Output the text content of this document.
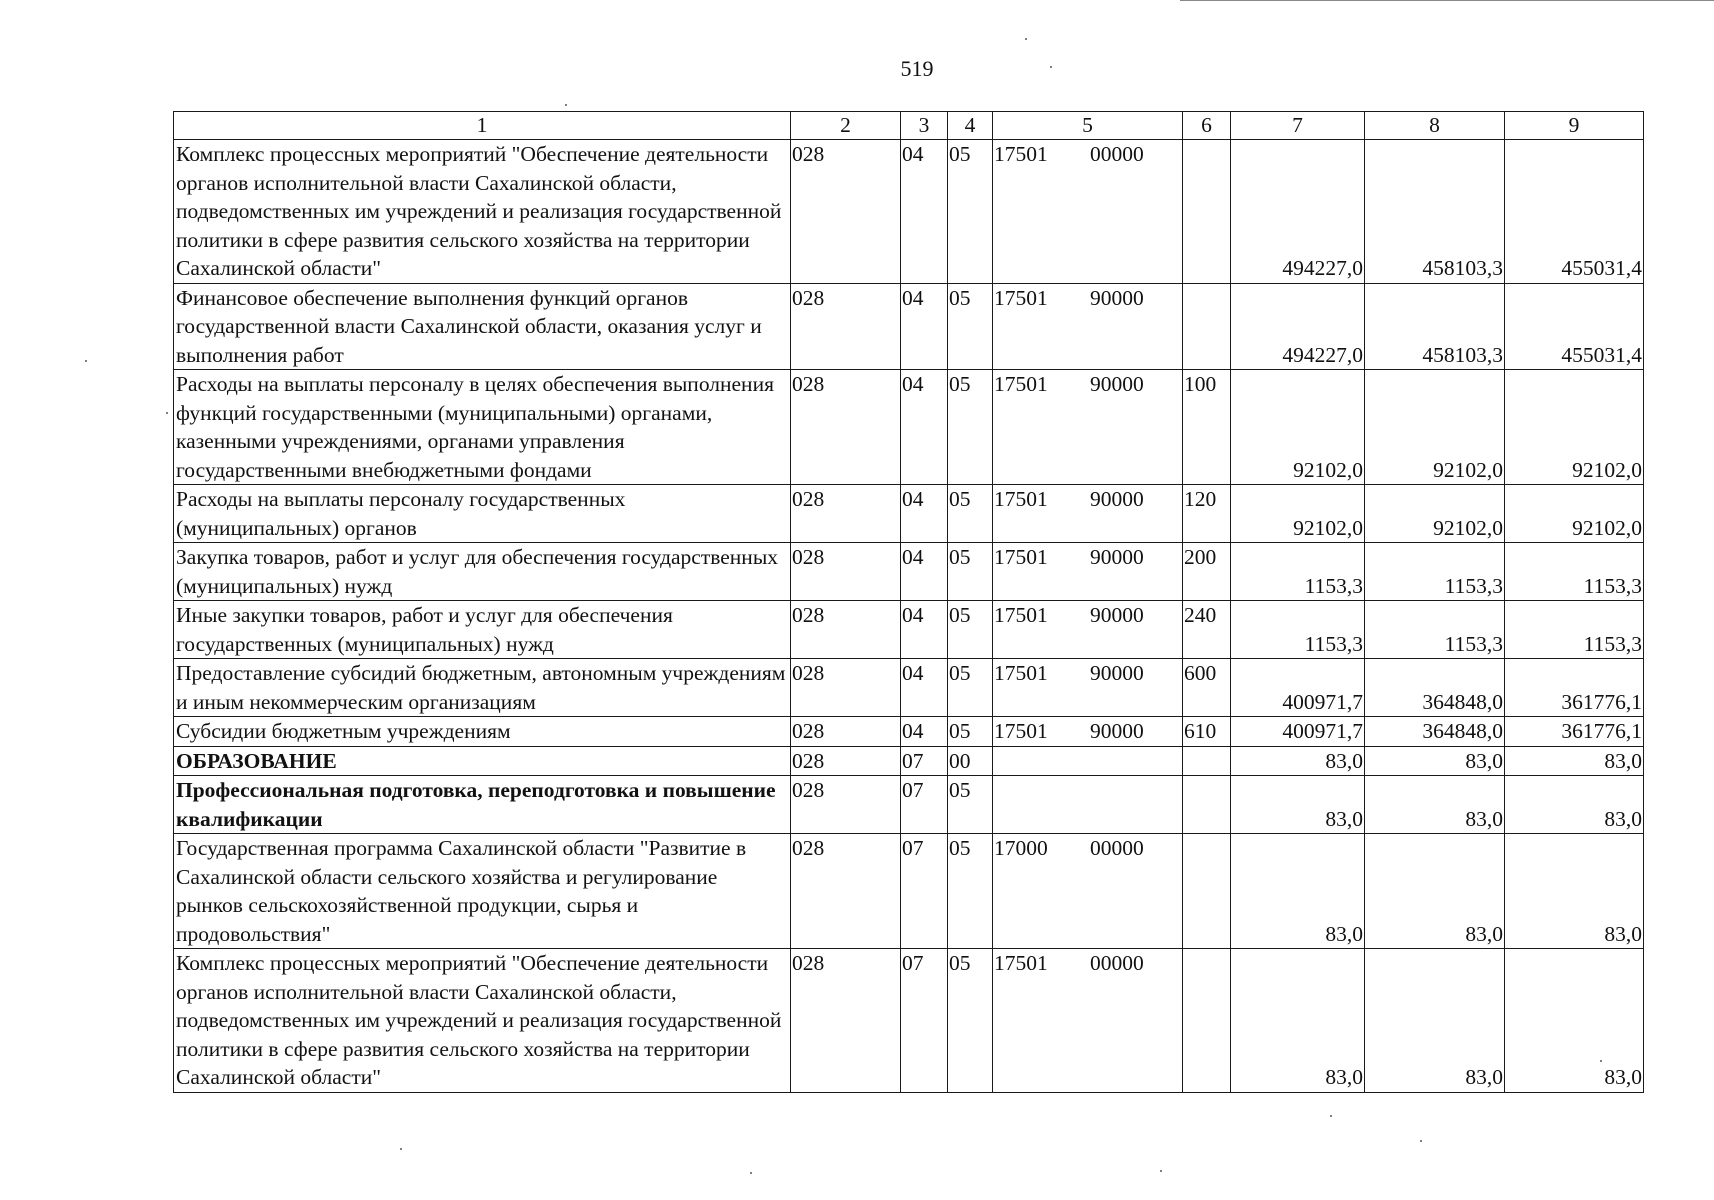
519
1	2	3	4	5	6	7	8	9
Комплекс процессных мероприятий "Обеспечение деятельности органов исполнительной власти Сахалинской области, подведомственных им учреждений и реализация государственной политики в сфере развития сельского хозяйства на территории Сахалинской области"	028	04	05	17501 00000		494227,0	458103,3	455031,4
Финансовое обеспечение выполнения функций органов государственной власти Сахалинской области, оказания услуг и выполнения работ	028	04	05	17501 90000		494227,0	458103,3	455031,4
Расходы на выплаты персоналу в целях обеспечения выполнения функций государственными (муниципальными) органами, казенными учреждениями, органами управления государственными внебюджетными фондами	028	04	05	17501 90000	100	92102,0	92102,0	92102,0
Расходы на выплаты персоналу государственных (муниципальных) органов	028	04	05	17501 90000	120	92102,0	92102,0	92102,0
Закупка товаров, работ и услуг для обеспечения государственных (муниципальных) нужд	028	04	05	17501 90000	200	1153,3	1153,3	1153,3
Иные закупки товаров, работ и услуг для обеспечения государственных (муниципальных) нужд	028	04	05	17501 90000	240	1153,3	1153,3	1153,3
Предоставление субсидий бюджетным, автономным учреждениям и иным некоммерческим организациям	028	04	05	17501 90000	600	400971,7	364848,0	361776,1
Субсидии бюджетным учреждениям	028	04	05	17501 90000	610	400971,7	364848,0	361776,1
ОБРАЗОВАНИЕ	028	07	00			83,0	83,0	83,0
Профессиональная подготовка, переподготовка и повышение квалификации	028	07	05			83,0	83,0	83,0
Государственная программа Сахалинской области "Развитие в Сахалинской области сельского хозяйства и регулирование рынков сельскохозяйственной продукции, сырья и продовольствия"	028	07	05	17000 00000		83,0	83,0	83,0
Комплекс процессных мероприятий "Обеспечение деятельности органов исполнительной власти Сахалинской области, подведомственных им учреждений и реализация государственной политики в сфере развития сельского хозяйства на территории Сахалинской области"	028	07	05	17501 00000		83,0	83,0	83,0
